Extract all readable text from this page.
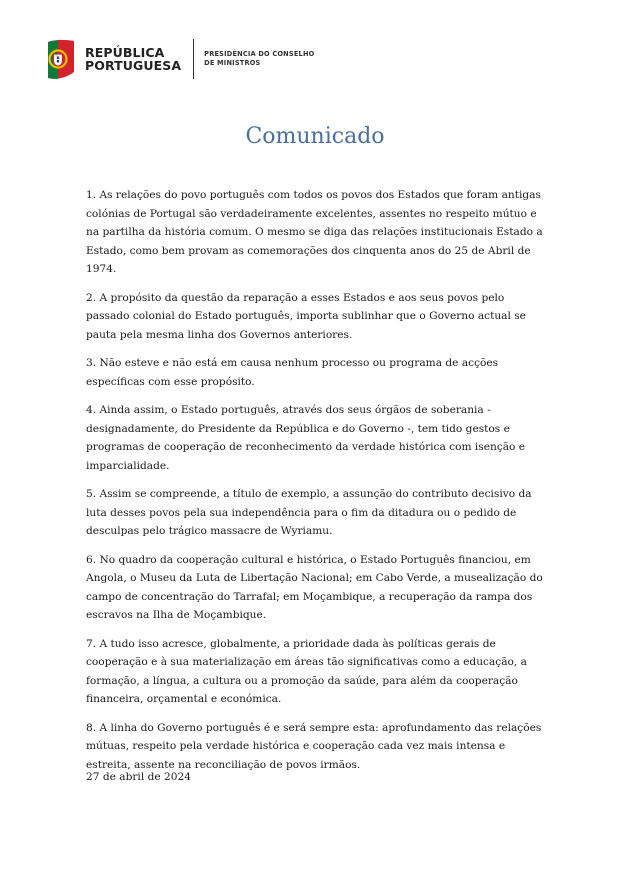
REPÚBLICA
PORTUGUESA
PRESIDÊNCIA DO CONSELHO
DE MINISTROS
Comunicado

1. As relações do povo português com todos os povos dos Estados que foram antigas colónias de Portugal são verdadeiramente excelentes, assentes no respeito mútuo e na partilha da história comum. O mesmo se diga das relações institucionais Estado a Estado, como bem provam as comemorações dos cinquenta anos do 25 de Abril de 1974.

2. A propósito da questão da reparação a esses Estados e aos seus povos pelo passado colonial do Estado português, importa sublinhar que o Governo actual se pauta pela mesma linha dos Governos anteriores.

3. Não esteve e não está em causa nenhum processo ou programa de acções específicas com esse propósito.

4. Ainda assim, o Estado português, através dos seus órgãos de soberania - designadamente, do Presidente da República e do Governo -, tem tido gestos e programas de cooperação de reconhecimento da verdade histórica com isenção e imparcialidade.

5. Assim se compreende, a título de exemplo, a assunção do contributo decisivo da luta desses povos pela sua independência para o fim da ditadura ou o pedido de desculpas pelo trágico massacre de Wyriamu.

6. No quadro da cooperação cultural e histórica, o Estado Português financiou, em Angola, o Museu da Luta de Libertação Nacional; em Cabo Verde, a musealização do campo de concentração do Tarrafal; em Moçambique, a recuperação da rampa dos escravos na Ilha de Moçambique.

7. A tudo isso acresce, globalmente, a prioridade dada às políticas gerais de cooperação e à sua materialização em áreas tão significativas como a educação, a formação, a língua, a cultura ou a promoção da saúde, para além da cooperação financeira, orçamental e económica.

8. A linha do Governo português é e será sempre esta: aprofundamento das relações mútuas, respeito pela verdade histórica e cooperação cada vez mais intensa e estreita, assente na reconciliação de povos irmãos.

27 de abril de 2024
